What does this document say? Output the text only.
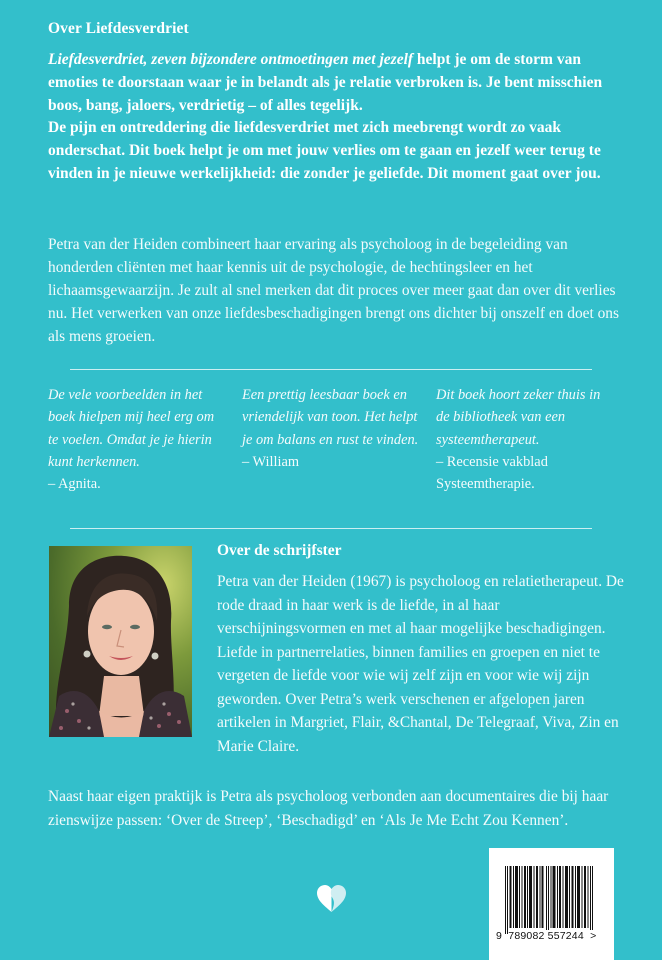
Over Liefdesverdriet

Liefdesverdriet, zeven bijzondere ontmoetingen met jezelf helpt je om de storm van emoties te doorstaan waar je in belandt als je relatie verbroken is. Je bent misschien boos, bang, jaloers, verdrietig – of alles tegelijk.
De pijn en ontreddering die liefdesverdriet met zich meebrengt wordt zo vaak onderschat. Dit boek helpt je om met jouw verlies om te gaan en jezelf weer terug te vinden in je nieuwe werkelijkheid: die zonder je geliefde. Dit moment gaat over jou.

Petra van der Heiden combineert haar ervaring als psycholoog in de begeleiding van honderden cliënten met haar kennis uit de psychologie, de hechtingsleer en het lichaamsgewaarzijn. Je zult al snel merken dat dit proces over meer gaat dan over dit verlies nu. Het verwerken van onze liefdesbeschadigingen brengt ons dichter bij onszelf en doet ons als mens groeien.

De vele voorbeelden in het boek hielpen mij heel erg om te voelen. Omdat je je hierin kunt herkennen.
– Agnita.
Een prettig leesbaar boek en vriendelijk van toon. Het helpt je om balans en rust te vinden.
– William
Dit boek hoort zeker thuis in de bibliotheek van een systeemtherapeut.
– Recensie vakblad Systeemtherapie.
Over de schrijfster

Petra van der Heiden (1967) is psycholoog en relatietherapeut. De rode draad in haar werk is de liefde, in al haar verschijningsvormen en met al haar mogelijke beschadigingen. Liefde in partnerrelaties, binnen families en groepen en niet te vergeten de liefde voor wie wij zelf zijn en voor wie wij zijn geworden. Over Petra’s werk verschenen er afgelopen jaren artikelen in Margriet, Flair, &Chantal, De Telegraaf, Viva, Zin en Marie Claire.

Naast haar eigen praktijk is Petra als psycholoog verbonden aan documentaires die bij haar zienswijze passen: ‘Over de Streep’, ‘Beschadigd’ en ‘Als Je Me Echt Zou Kennen’.

9 789082 557244 >
